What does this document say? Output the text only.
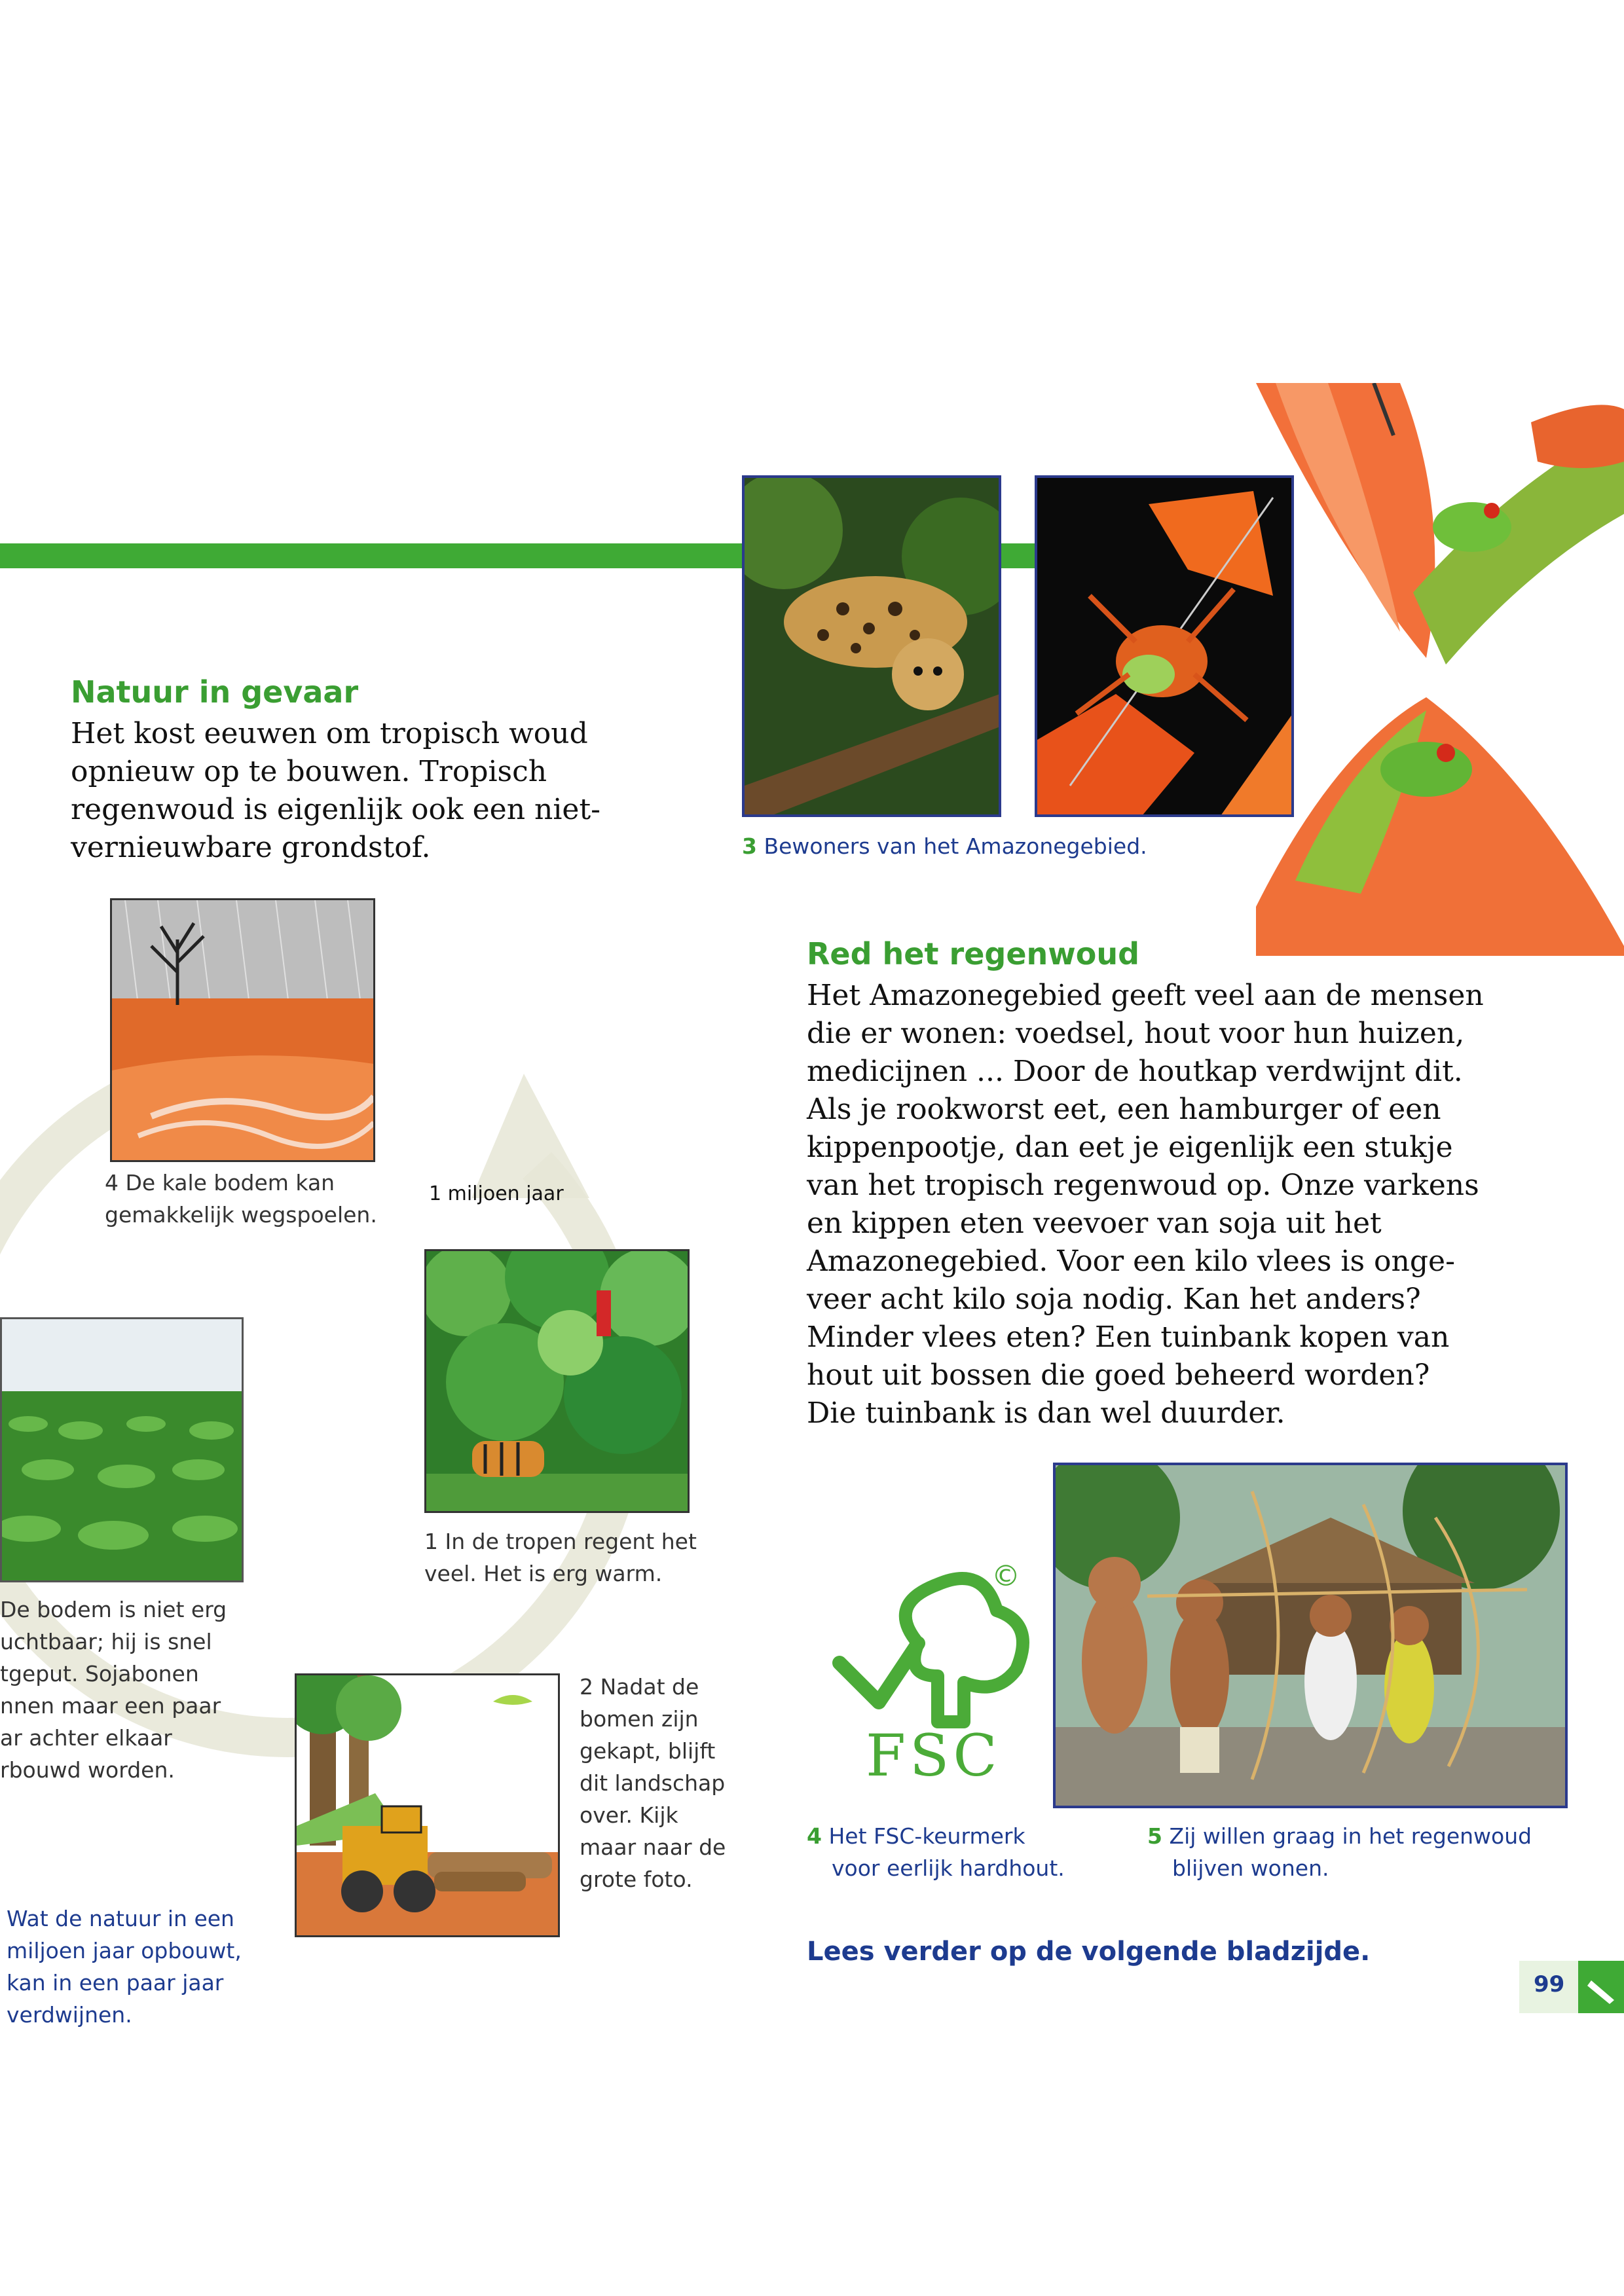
Natuur in gevaar
Het kost eeuwen om tropisch woud
opnieuw op te bouwen. Tropisch
regenwoud is eigenlijk ook een niet-
vernieuwbare grondstof.
4 De kale bodem kan
gemakkelijk wegspoelen.
1 miljoen jaar
1 In de tropen regent het
veel. Het is erg warm.
De bodem is niet erg
uchtbaar; hij is snel
tgeput. Sojabonen
nnen maar een paar
ar achter elkaar
rbouwd worden.
2 Nadat de
bomen zijn
gekapt, blijft
dit landschap
over. Kijk
maar naar de
grote foto.
Wat de natuur in een
miljoen jaar opbouwt,
kan in een paar jaar
verdwijnen.
3 Bewoners van het Amazonegebied.
Red het regenwoud
Het Amazonegebied geeft veel aan de mensen
die er wonen: voedsel, hout voor hun huizen,
medicijnen ... Door de houtkap verdwijnt dit.
Als je rookworst eet, een hamburger of een
kippenpootje, dan eet je eigenlijk een stukje
van het tropisch regenwoud op. Onze varkens
en kippen eten veevoer van soja uit het
Amazonegebied. Voor een kilo vlees is onge-
veer acht kilo soja nodig. Kan het anders?
Minder vlees eten? Een tuinbank kopen van
hout uit bossen die goed beheerd worden?
Die tuinbank is dan wel duurder.
FSC
©
4 Het FSC-keurmerk
voor eerlijk hardhout.
5 Zij willen graag in het regenwoud
blijven wonen.
Lees verder op de volgende bladzijde.
99
